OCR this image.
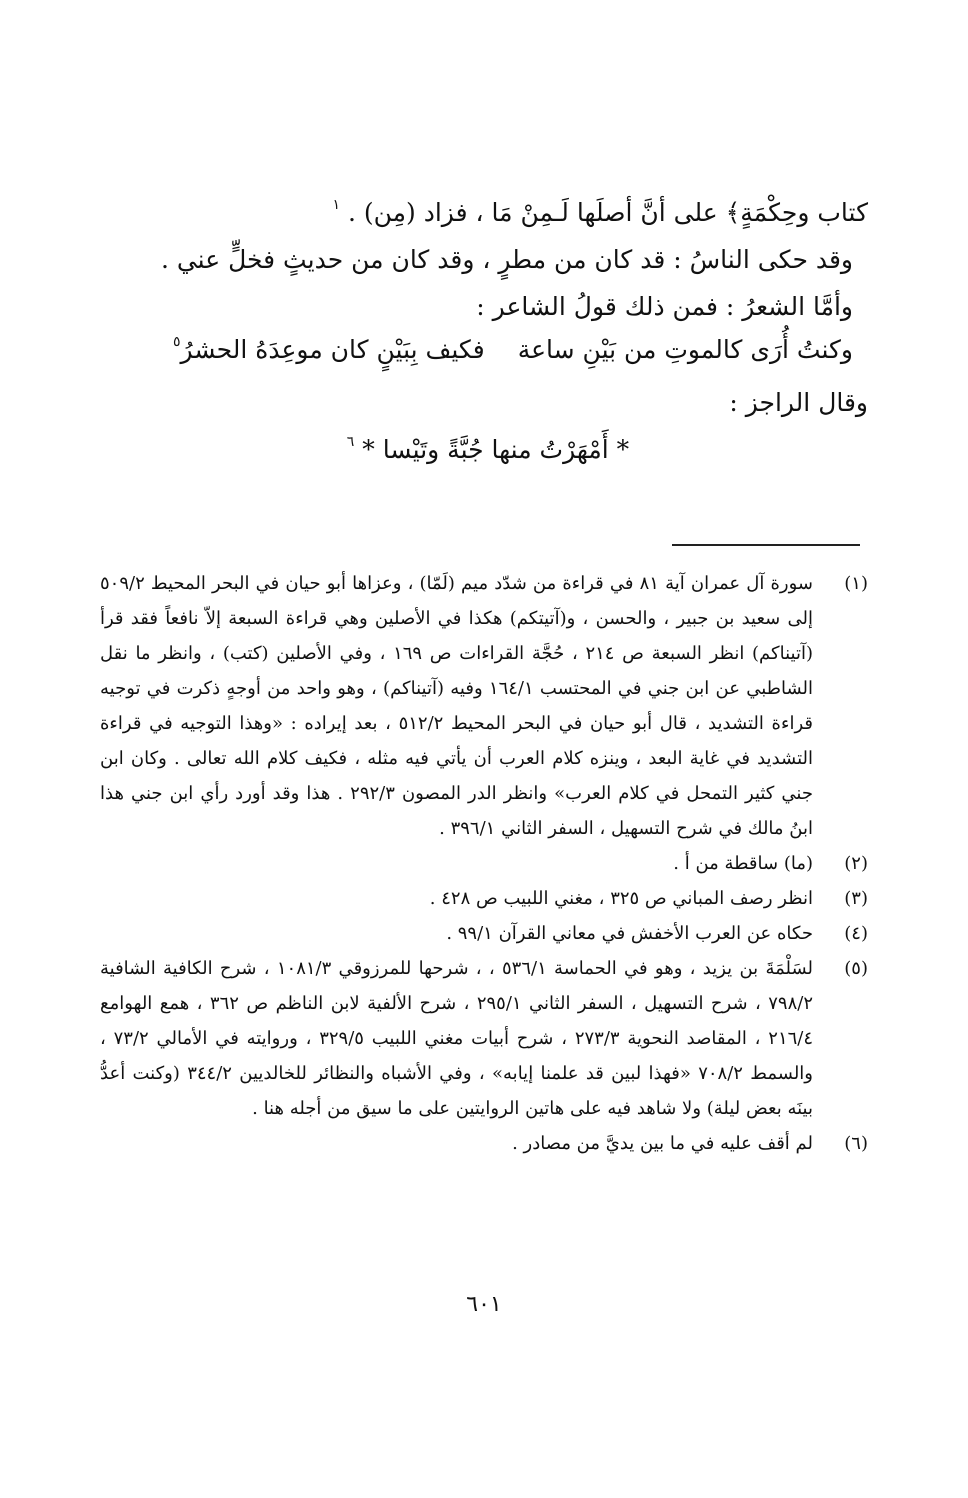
كتاب وحِكْمَةٍ﴾ على أنَّ أصلَها لَـمِنْ مَا ، فزاد (مِن) . $^١$
وقد حكى الناسُ : قد كان من مطرٍ ، وقد كان من حديثٍ فخلٍّ عني .
وأمَّا الشعرُ : فمن ذلك قولُ الشاعر :
وكنتُ أُرَى كالموتِ من بَيْنِ ساعة
فكيف بِبَيْنٍ كان موعِدَهُ الحشرُ$^٥$
وقال الراجز :
* أَمْهَرْتُ منها جُبَّةً وتَيْسا * $^٦$
(١)
سورة آل عمران آية ٨١ في قراءة من شدّد ميم (لَمّا) ، وعزاها أبو حيان في البحر المحيط ٥٠٩/٢ إلى سعيد بن جبير ، والحسن ، و(آتيتكم) هكذا في الأصلين وهي قراءة السبعة إلاّ نافعاً فقد قرأ (آتيناكم) انظر السبعة ص ٢١٤ ، حُجَّة القراءات ص ١٦٩ ، وفي الأصلين (كتب) ، وانظر ما نقل الشاطبي عن ابن جني في المحتسب ١٦٤/١ وفيه (آتيناكم) ، وهو واحد من أوجهٍ ذكرت في توجيه قراءة التشديد ، قال أبو حيان في البحر المحيط ٥١٢/٢ ، بعد إيراده : «وهذا التوجيه في قراءة التشديد في غاية البعد ، وينزه كلام العرب أن يأتي فيه مثله ، فكيف كلام الله تعالى . وكان ابن جني كثير التمحل في كلام العرب» وانظر الدر المصون ٢٩٢/٣ . هذا وقد أورد رأي ابن جني هذا ابنُ مالك في شرح التسهيل ، السفر الثاني ٣٩٦/١ .
(٢)
(ما) ساقطة من أ .
(٣)
انظر رصف المباني ص ٣٢٥ ، مغني اللبيب ص ٤٢٨ .
(٤)
حكاه عن العرب الأخفش في معاني القرآن ٩٩/١ .
(٥)
لسَلْمَةَ بن يزيد ، وهو في الحماسة ٥٣٦/١ ، ، شرحها للمرزوقي ١٠٨١/٣ ، شرح الكافية الشافية ٧٩٨/٢ ، شرح التسهيل ، السفر الثاني ٢٩٥/١ ، شرح الألفية لابن الناظم ص ٣٦٢ ، همع الهوامع ٢١٦/٤ ، المقاصد النحوية ٢٧٣/٣ ، شرح أبيات مغني اللبيب ٣٢٩/٥ ، وروايته في الأمالي ٧٣/٢ ، والسمط ٧٠٨/٢ «فهذا لبين قد علمنا إيابه» ، وفي الأشباه والنظائر للخالديين ٣٤٤/٢ (وكنت أعدُّ بينَه بعض ليلة) ولا شاهد فيه على هاتين الروايتين على ما سيق من أجله هنا .
(٦)
لم أقف عليه في ما بين يديَّ من مصادر .
٦٠١
